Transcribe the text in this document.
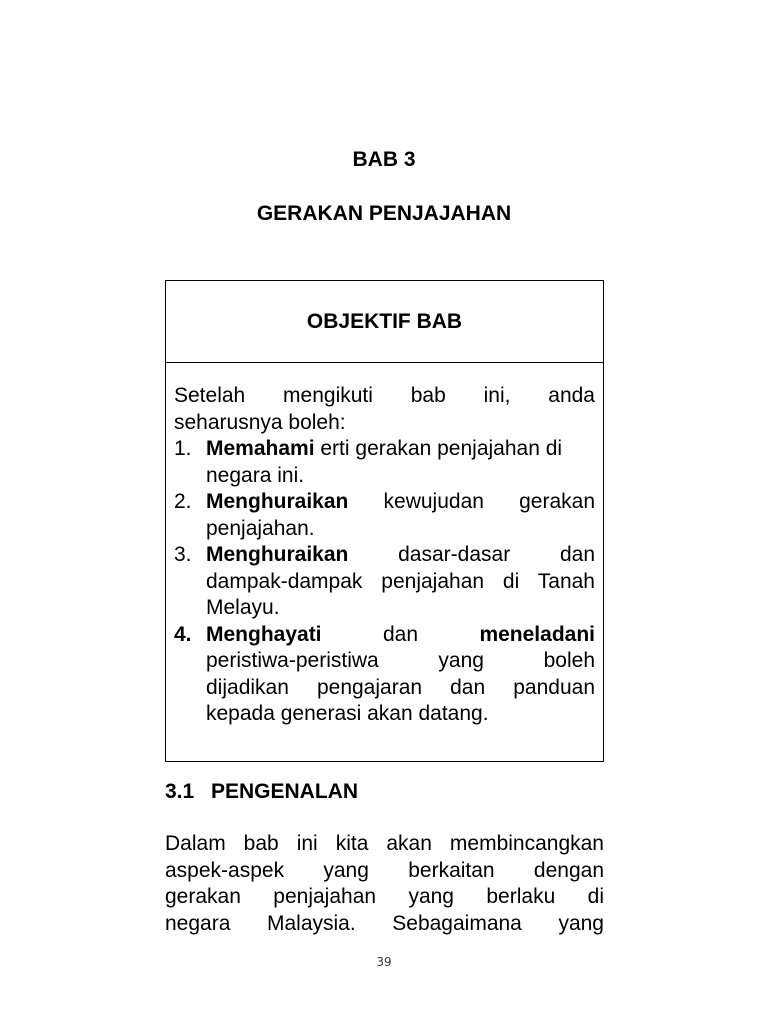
BAB 3
GERAKAN PENJAJAHAN
OBJEKTIF BAB
Setelah mengikuti bab ini, anda
seharusnya boleh:
1. Memahami erti gerakan penjajahan di
negara ini.
2. Menghuraikan kewujudan gerakan
penjajahan.
3. Menghuraikan dasar-dasar dan
dampak-dampak penjajahan di Tanah
Melayu.
4. Menghayati dan meneladani
peristiwa-peristiwa yang boleh
dijadikan pengajaran dan panduan
kepada generasi akan datang.
3.1 PENGENALAN
Dalam bab ini kita akan membincangkan
aspek-aspek yang berkaitan dengan
gerakan penjajahan yang berlaku di
negara Malaysia. Sebagaimana yang
39
